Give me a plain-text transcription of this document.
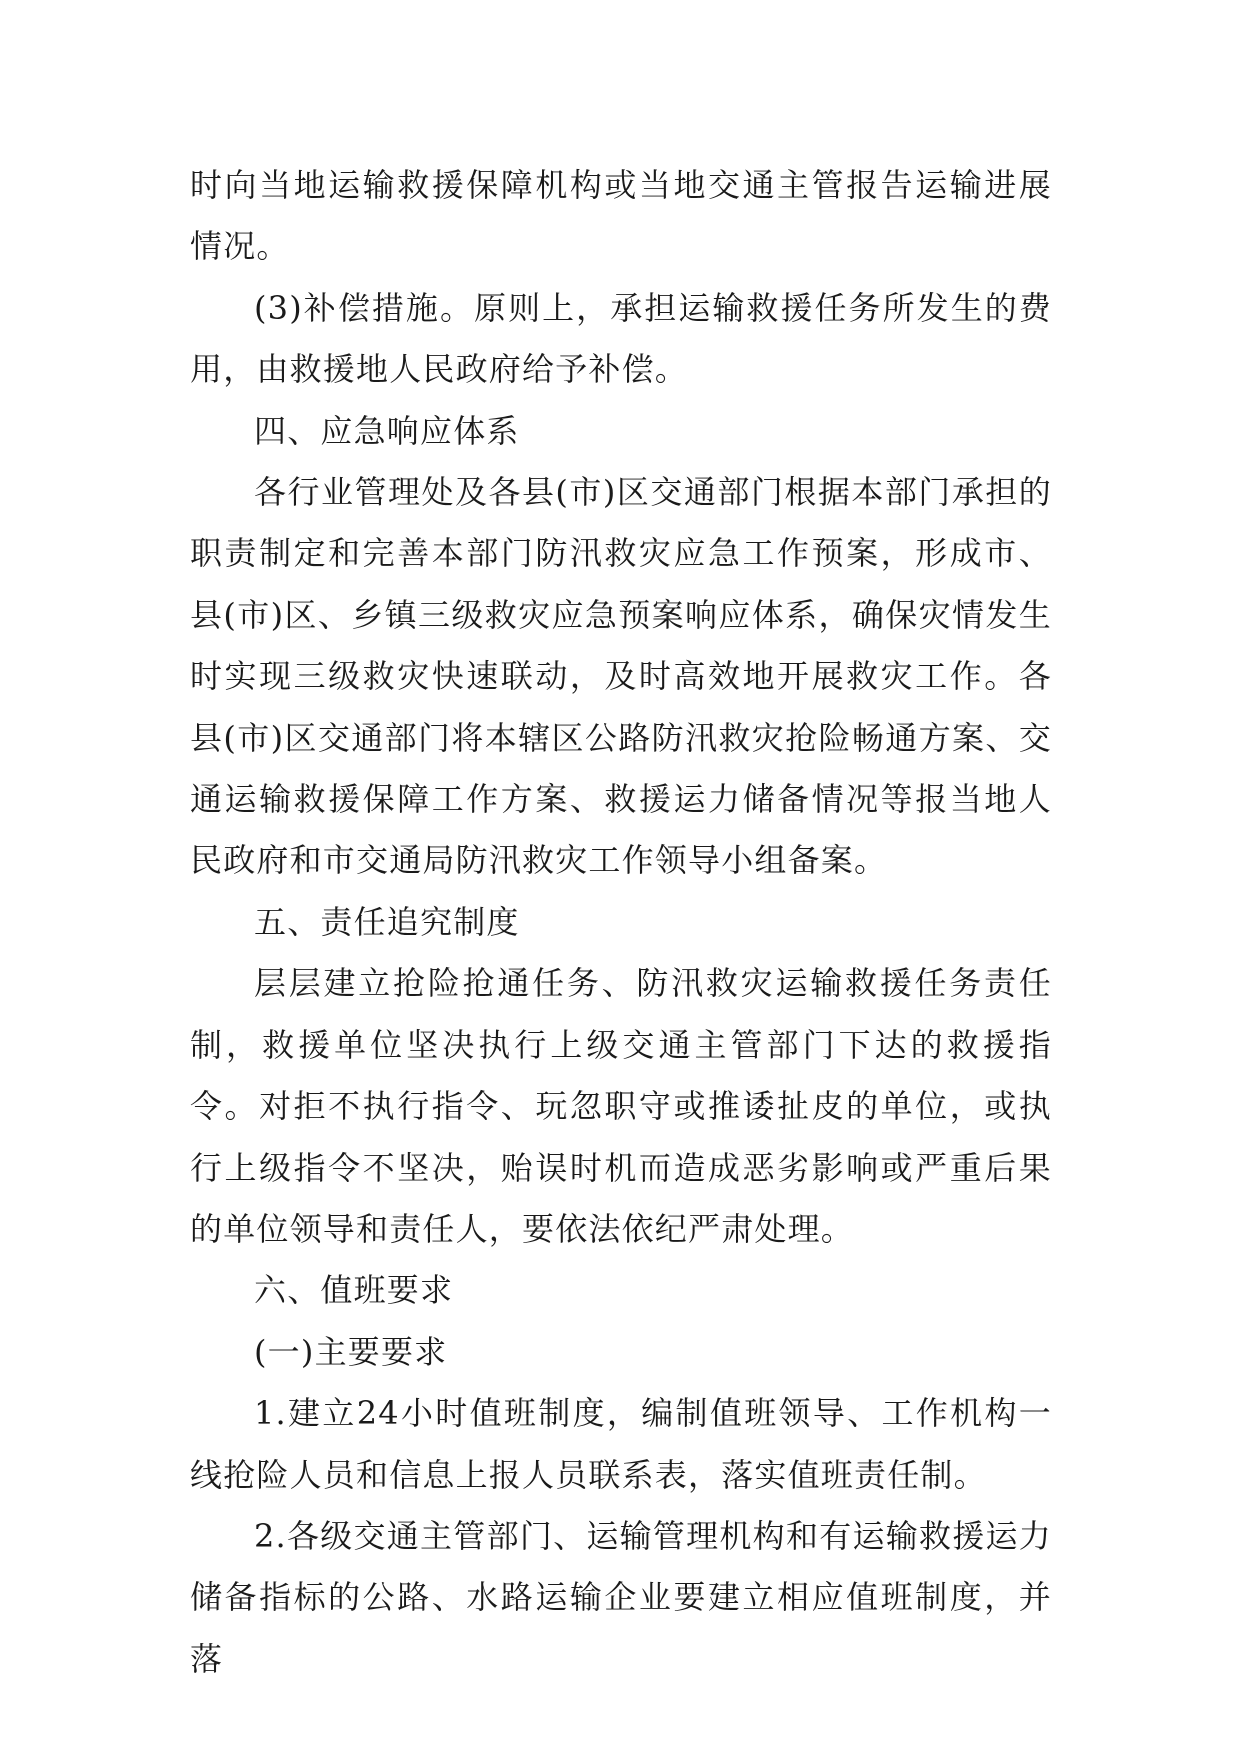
时向当地运输救援保障机构或当地交通主管报告运输进展情况。

(3)补偿措施。原则上，承担运输救援任务所发生的费用，由救援地人民政府给予补偿。

四、应急响应体系

各行业管理处及各县(市)区交通部门根据本部门承担的职责制定和完善本部门防汛救灾应急工作预案，形成市、县(市)区、乡镇三级救灾应急预案响应体系，确保灾情发生时实现三级救灾快速联动，及时高效地开展救灾工作。各县(市)区交通部门将本辖区公路防汛救灾抢险畅通方案、交通运输救援保障工作方案、救援运力储备情况等报当地人民政府和市交通局防汛救灾工作领导小组备案。

五、责任追究制度

层层建立抢险抢通任务、防汛救灾运输救援任务责任制，救援单位坚决执行上级交通主管部门下达的救援指令。对拒不执行指令、玩忽职守或推诿扯皮的单位，或执行上级指令不坚决，贻误时机而造成恶劣影响或严重后果的单位领导和责任人，要依法依纪严肃处理。

六、值班要求

(一)主要要求

1.建立24小时值班制度，编制值班领导、工作机构一线抢险人员和信息上报人员联系表，落实值班责任制。

2.各级交通主管部门、运输管理机构和有运输救援运力储备指标的公路、水路运输企业要建立相应值班制度，并落
